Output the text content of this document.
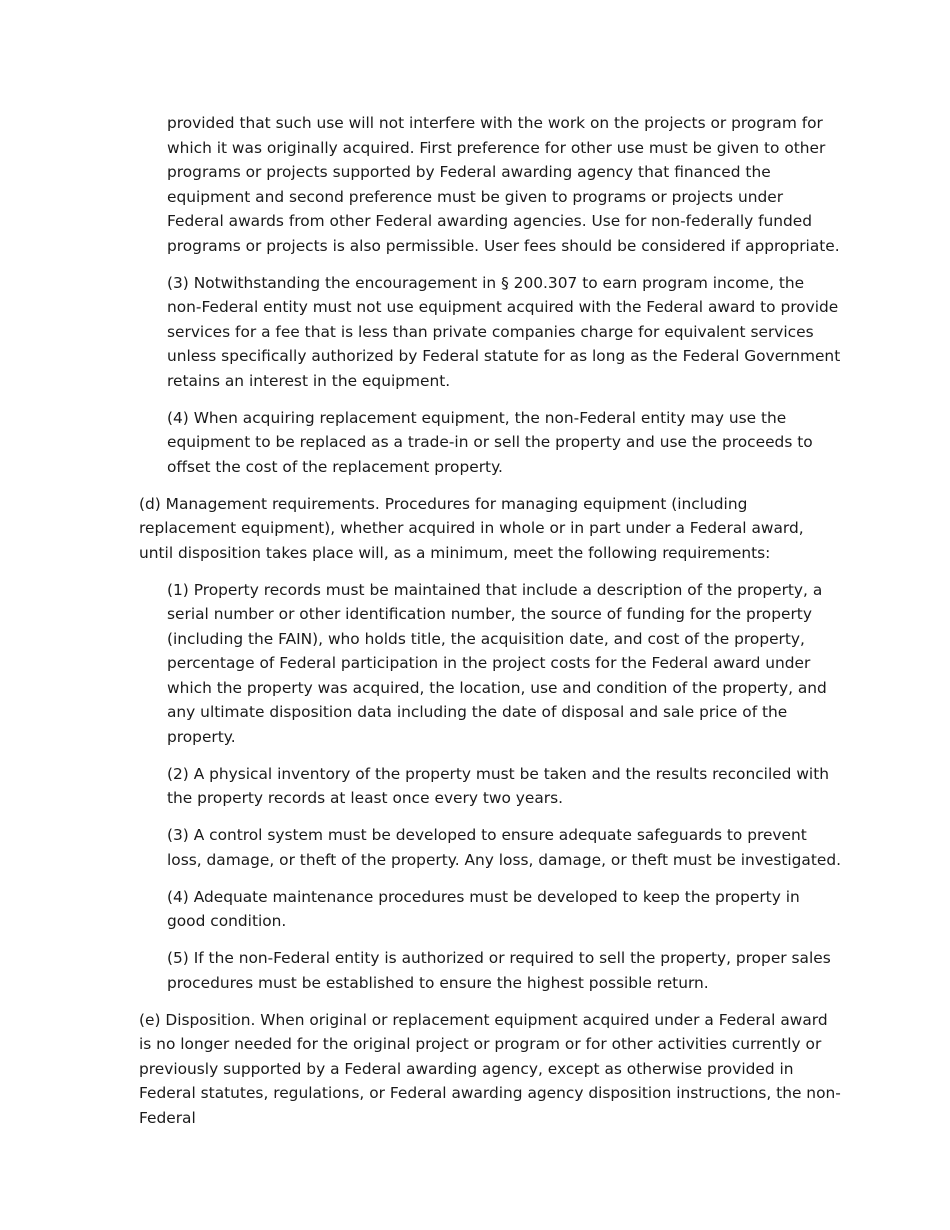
provided that such use will not interfere with the work on the projects or program for which it was originally acquired. First preference for other use must be given to other programs or projects supported by Federal awarding agency that financed the equipment and second preference must be given to programs or projects under Federal awards from other Federal awarding agencies. Use for non-federally funded programs or projects is also permissible. User fees should be considered if appropriate.

(3) Notwithstanding the encouragement in § 200.307 to earn program income, the non-Federal entity must not use equipment acquired with the Federal award to provide services for a fee that is less than private companies charge for equivalent services unless specifically authorized by Federal statute for as long as the Federal Government retains an interest in the equipment.

(4) When acquiring replacement equipment, the non-Federal entity may use the equipment to be replaced as a trade-in or sell the property and use the proceeds to offset the cost of the replacement property.

(d) Management requirements. Procedures for managing equipment (including replacement equipment), whether acquired in whole or in part under a Federal award, until disposition takes place will, as a minimum, meet the following requirements:

(1) Property records must be maintained that include a description of the property, a serial number or other identification number, the source of funding for the property (including the FAIN), who holds title, the acquisition date, and cost of the property, percentage of Federal participation in the project costs for the Federal award under which the property was acquired, the location, use and condition of the property, and any ultimate disposition data including the date of disposal and sale price of the property.

(2) A physical inventory of the property must be taken and the results reconciled with the property records at least once every two years.

(3) A control system must be developed to ensure adequate safeguards to prevent loss, damage, or theft of the property. Any loss, damage, or theft must be investigated.

(4) Adequate maintenance procedures must be developed to keep the property in good condition.

(5) If the non-Federal entity is authorized or required to sell the property, proper sales procedures must be established to ensure the highest possible return.

(e) Disposition. When original or replacement equipment acquired under a Federal award is no longer needed for the original project or program or for other activities currently or previously supported by a Federal awarding agency, except as otherwise provided in Federal statutes, regulations, or Federal awarding agency disposition instructions, the non-Federal
